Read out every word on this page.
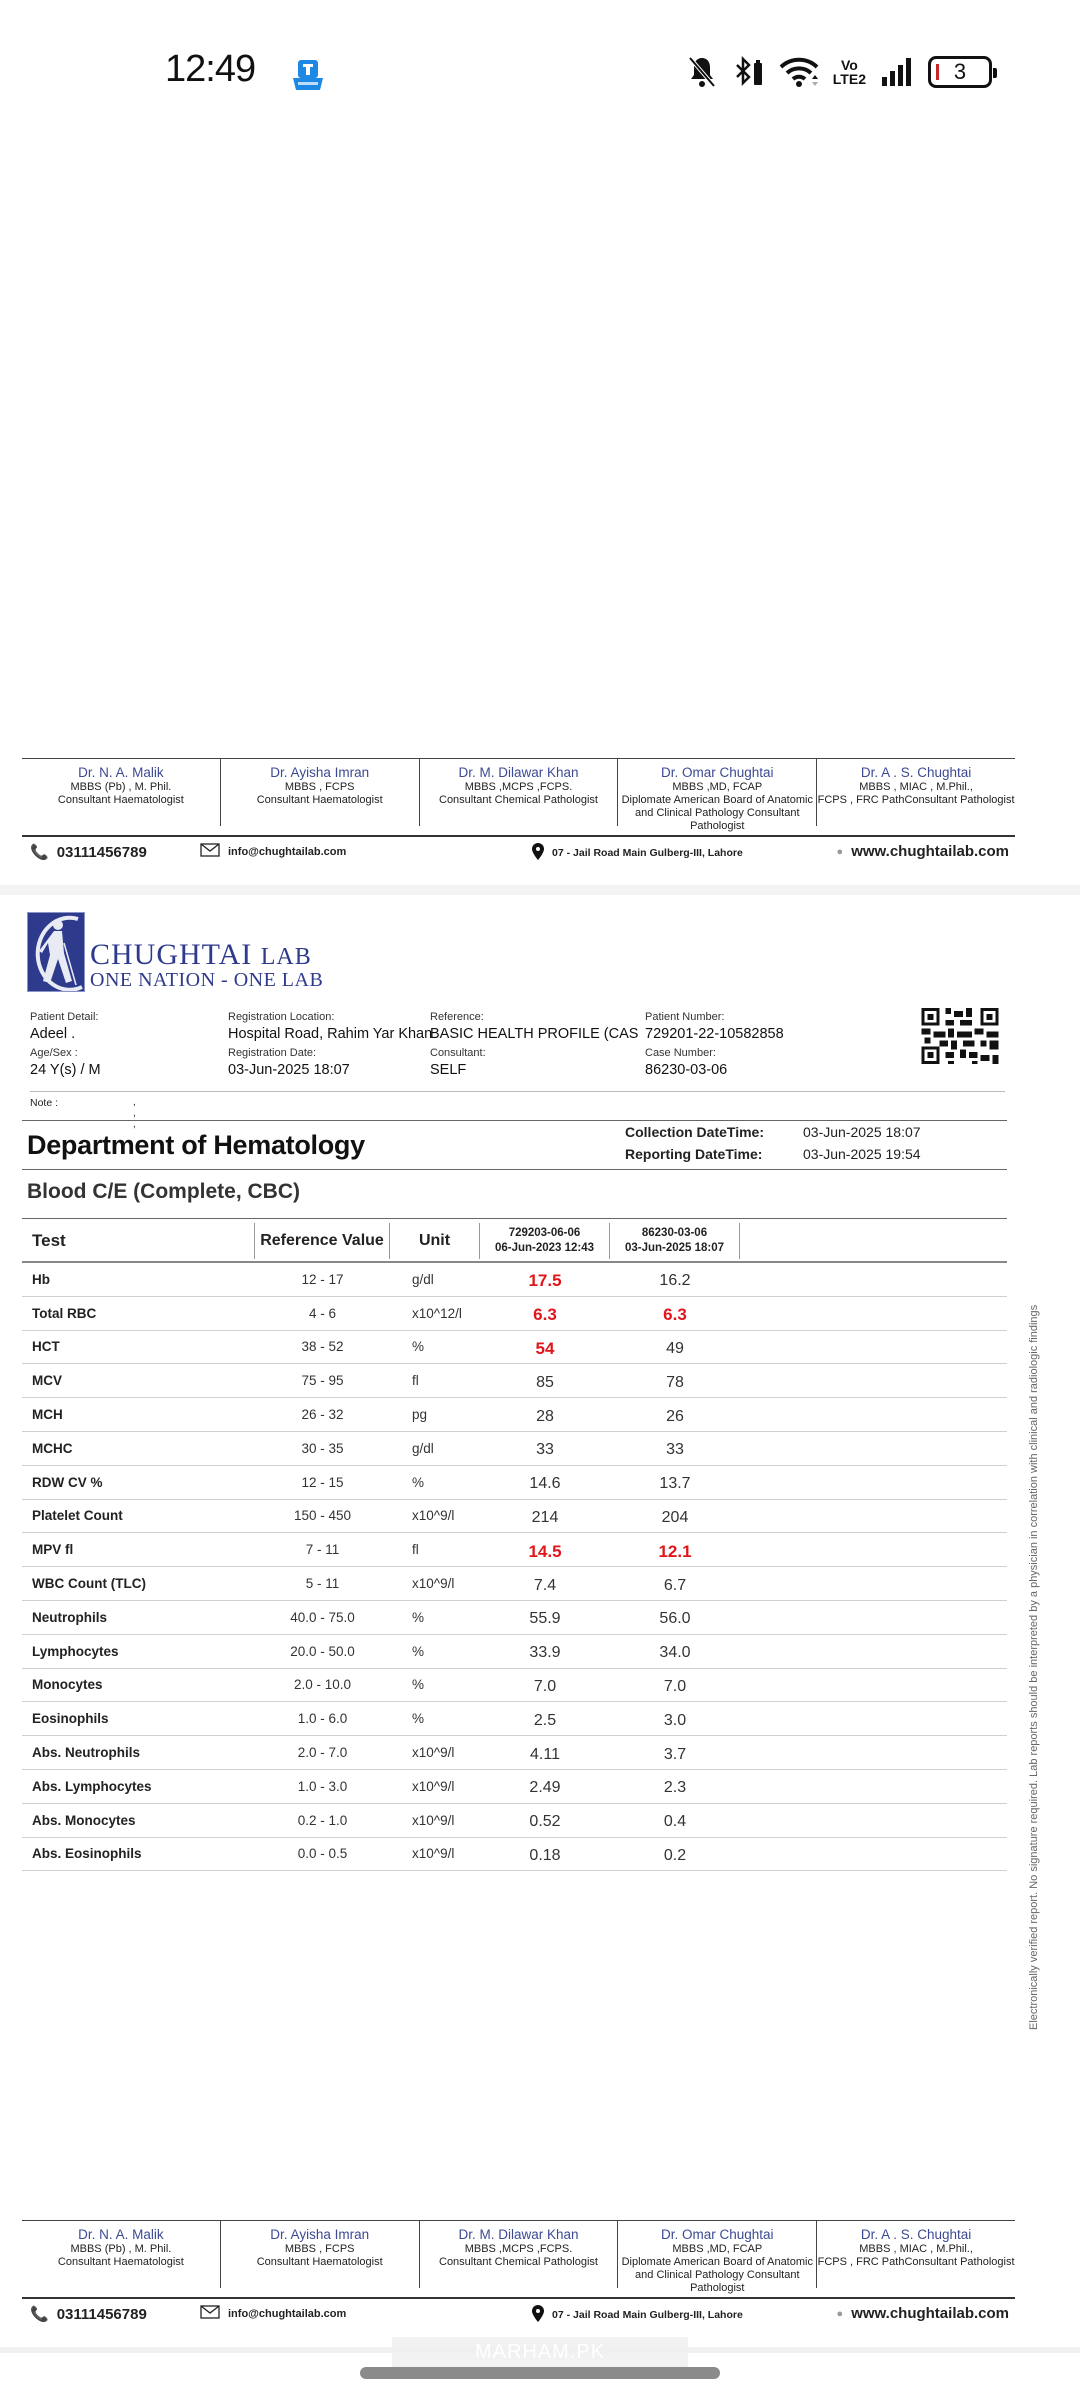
12:49	Vo
LTE2	3
Dr. N. A. Malik
MBBS (Pb) , M. Phil.
Consultant Haematologist
Dr. Ayisha Imran
MBBS , FCPS
Consultant Haematologist
Dr. M. Dilawar Khan
MBBS ,MCPS ,FCPS.
Consultant Chemical Pathologist
Dr. Omar Chughtai
MBBS ,MD, FCAP
Diplomate American Board of Anatomic and Clinical Pathology Consultant Pathologist
Dr. A . S. Chughtai
MBBS , MIAC , M.Phil.,
FCPS , FRC PathConsultant Pathologist
📞 03111456789	info@chughtailab.com	07 - Jail Road Main Gulberg-III, Lahore	● www.chughtailab.com
CHUGHTAI LAB
ONE NATION - ONE LAB
Patient Detail:
Adeel .
Age/Sex :
24 Y(s) / M
Registration Location:
Hospital Road, Rahim Yar Khan
Registration Date:
03-Jun-2025 18:07
Reference:
BASIC HEALTH PROFILE (CAS
Consultant:
SELF
Patient Number:
729201-22-10582858
Case Number:
86230-03-06
Note :	, , ,
Department of Hematology	Collection DateTime:	03-Jun-2025 18:07
Reporting DateTime:	03-Jun-2025 19:54
Blood C/E (Complete, CBC)
Test	Reference Value	Unit	729203-06-06
06-Jun-2023 12:43
86230-03-06
03-Jun-2025 18:07
Hb	12 - 17	g/dl	17.5	16.2
Total RBC	4 - 6	x10^12/l	6.3	6.3
HCT	38 - 52	%	54	49
MCV	75 - 95	fl	85	78
MCH	26 - 32	pg	28	26
MCHC	30 - 35	g/dl	33	33
RDW CV %	12 - 15	%	14.6	13.7
Platelet Count	150 - 450	x10^9/l	214	204
MPV fl	7 - 11	fl	14.5	12.1
WBC Count (TLC)	5 - 11	x10^9/l	7.4	6.7
Neutrophils	40.0 - 75.0	%	55.9	56.0
Lymphocytes	20.0 - 50.0	%	33.9	34.0
Monocytes	2.0 - 10.0	%	7.0	7.0
Eosinophils	1.0 - 6.0	%	2.5	3.0
Abs. Neutrophils	2.0 - 7.0	x10^9/l	4.11	3.7
Abs. Lymphocytes	1.0 - 3.0	x10^9/l	2.49	2.3
Abs. Monocytes	0.2 - 1.0	x10^9/l	0.52	0.4
Abs. Eosinophils	0.0 - 0.5	x10^9/l	0.18	0.2	Electronically verified report. No signature required. Lab reports should be interpreted by a physician in correlation with clinical and radiologic findings
Dr. N. A. Malik
MBBS (Pb) , M. Phil.
Consultant Haematologist
Dr. Ayisha Imran
MBBS , FCPS
Consultant Haematologist
Dr. M. Dilawar Khan
MBBS ,MCPS ,FCPS.
Consultant Chemical Pathologist
Dr. Omar Chughtai
MBBS ,MD, FCAP
Diplomate American Board of Anatomic and Clinical Pathology Consultant Pathologist
Dr. A . S. Chughtai
MBBS , MIAC , M.Phil.,
FCPS , FRC PathConsultant Pathologist
📞 03111456789	info@chughtailab.com	07 - Jail Road Main Gulberg-III, Lahore	● www.chughtailab.com
MARHAM.PK
